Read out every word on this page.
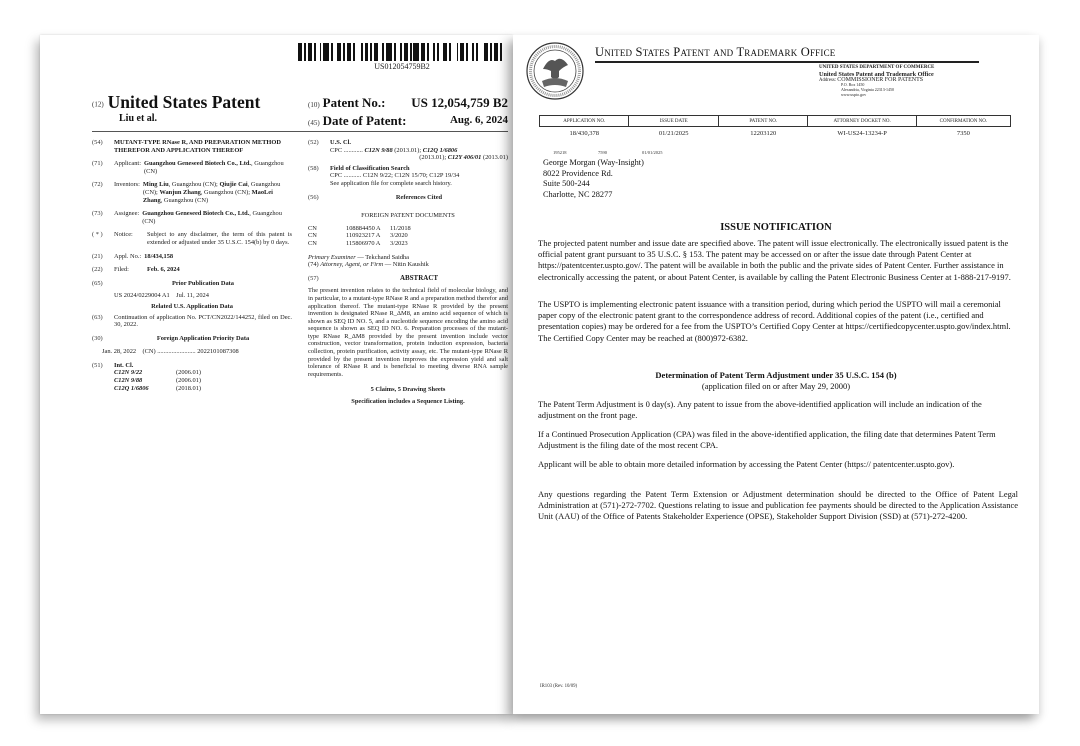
US012054759B2
(12) United States Patent
Liu et al.
(10) Patent No.: US 12,054,759 B2
(45) Date of Patent:	Aug. 6, 2024
(54)	MUTANT-TYPE RNase R, AND PREPARATION METHOD THEREFOR AND APPLICATION THEREOF
(71)	Applicant: Guangzhou Geneseed Biotech Co., Ltd., Guangzhou (CN)
(72)	Inventors: Ming Liu, Guangzhou (CN); Qiujie Cai, Guangzhou (CN); Wanjun Zhang, Guangzhou (CN); MaoLei Zhang, Guangzhou (CN)
(73)	Assignee: Guangzhou Geneseed Biotech Co., Ltd., Guangzhou (CN)
( * )	Notice:	Subject to any disclaimer, the term of this patent is extended or adjusted under 35 U.S.C. 154(b) by 0 days.
(21)	Appl. No.: 18/434,158
(22)	Filed:	Feb. 6, 2024
(65)	Prior Publication Data
US 2024/0229004 A1 Jul. 11, 2024
Related U.S. Application Data
(63)	Continuation of application No. PCT/CN2022/144252, filed on Dec. 30, 2022.
(30)	Foreign Application Priority Data
Jan. 28, 2022 (CN) ........................ 2022101087308
(51)	Int. Cl.
C12N 9/22	(2006.01)
C12N 9/88	(2006.01)
C12Q 1/6806	(2018.01)
(52)	U.S. Cl.
CPC ............ C12N 9/88 (2013.01); C12Q 1/6806

(2013.01); C12Y 406/01 (2013.01)
(58)	Field of Classification Search
CPC ........... C12N 9/22; C12N 15/70; C12P 19/34
See application file for complete search history.
(56)	References Cited
FOREIGN PATENT DOCUMENTS
CN	108884450 A	11/2018
CN	110923217 A	3/2020
CN	115806970 A	3/2023
Primary Examiner — Tekchand Saidha
(74) Attorney, Agent, or Firm — Nitin Kaushik
(57)	ABSTRACT
The present invention relates to the technical field of molecular biology, and in particular, to a mutant-type RNase R and a preparation method therefor and application thereof. The mutant-type RNase R provided by the present invention is designated RNase R_ΔM8, an amino acid sequence of which is shown as SEQ ID NO. 5, and a nucleotide sequence encoding the amino acid sequence is shown as SEQ ID NO. 6. Preparation processes of the mutant-type RNase R_ΔM8 provided by the present invention include vector construction, vector transformation, protein induction expression, bacteria collection, protein purification, activity assay, etc. The mutant-type RNase R provided by the present invention improves the expression yield and salt tolerance of RNase R and is beneficial to meeting diverse RNA sample requirements.
5 Claims, 5 Drawing Sheets
Specification includes a Sequence Listing.
United States Patent and Trademark Office
UNITED STATES DEPARTMENT OF COMMERCE
United States Patent and Trademark Office
Address: COMMISSIONER FOR PATENTS
P.O. Box 1450
Alexandria, Virginia 22313-1450
www.uspto.gov
APPLICATION NO.	ISSUE DATE	PATENT NO.	ATTORNEY DOCKET NO.	CONFIRMATION NO.
18/430,378	01/21/2025	12203120	WI-US24-13234-P	7350
195218	7590	01/01/2025
George Morgan (Way-Insight)
8022 Providence Rd.
Suite 500-244
Charlotte, NC 28277
ISSUE NOTIFICATION
The projected patent number and issue date are specified above. The patent will issue electronically. The electronically issued patent is the official patent grant pursuant to 35 U.S.C. § 153. The patent may be accessed on or after the issue date through Patent Center at https://patentcenter.uspto.gov/. The patent will be available in both the public and the private sides of Patent Center. Further assistance in electronically accessing the patent, or about Patent Center, is available by calling the Patent Electronic Business Center at 1-888-217-9197.
The USPTO is implementing electronic patent issuance with a transition period, during which period the USPTO will mail a ceremonial paper copy of the electronic patent grant to the correspondence address of record. Additional copies of the patent (i.e., certified and presentation copies) may be ordered for a fee from the USPTO’s Certified Copy Center at https://certifiedcopycenter.uspto.gov/index.html. The Certified Copy Center may be reached at (800)972-6382.
Determination of Patent Term Adjustment under 35 U.S.C. 154 (b)
(application filed on or after May 29, 2000)
The Patent Term Adjustment is 0 day(s). Any patent to issue from the above-identified application will include an indication of the adjustment on the front page.
If a Continued Prosecution Application (CPA) was filed in the above-identified application, the filing date that determines Patent Term Adjustment is the filing date of the most recent CPA.
Applicant will be able to obtain more detailed information by accessing the Patent Center (https:// patentcenter.uspto.gov).
Any questions regarding the Patent Term Extension or Adjustment determination should be directed to the Office of Patent Legal Administration at (571)-272-7702. Questions relating to issue and publication fee payments should be directed to the Application Assistance Unit (AAU) of the Office of Patents Stakeholder Experience (OPSE), Stakeholder Support Division (SSD) at (571)-272-4200.
IR103 (Rev. 10/09)
